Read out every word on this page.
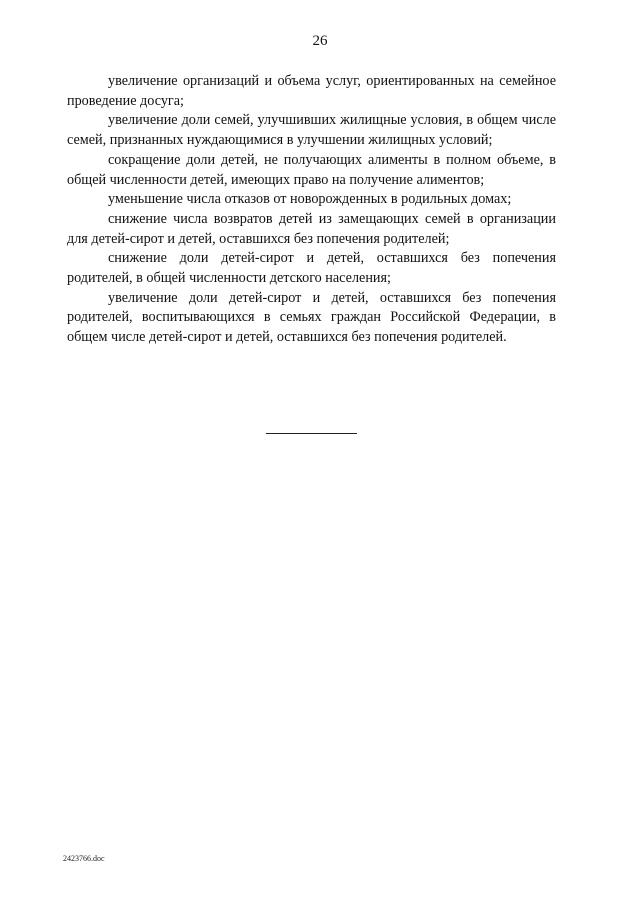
26

увеличение организаций и объема услуг, ориентированных на семейное проведение досуга;

увеличение доли семей, улучшивших жилищные условия, в общем числе семей, признанных нуждающимися в улучшении жилищных условий;

сокращение доли детей, не получающих алименты в полном объеме, в общей численности детей, имеющих право на получение алиментов;

уменьшение числа отказов от новорожденных в родильных домах;

снижение числа возвратов детей из замещающих семей в организации для детей-сирот и детей, оставшихся без попечения родителей;

снижение доли детей-сирот и детей, оставшихся без попечения родителей, в общей численности детского населения;

увеличение доли детей-сирот и детей, оставшихся без попечения родителей, воспитывающихся в семьях граждан Российской Федерации, в общем числе детей-сирот и детей, оставшихся без попечения родителей.

2423766.doc
